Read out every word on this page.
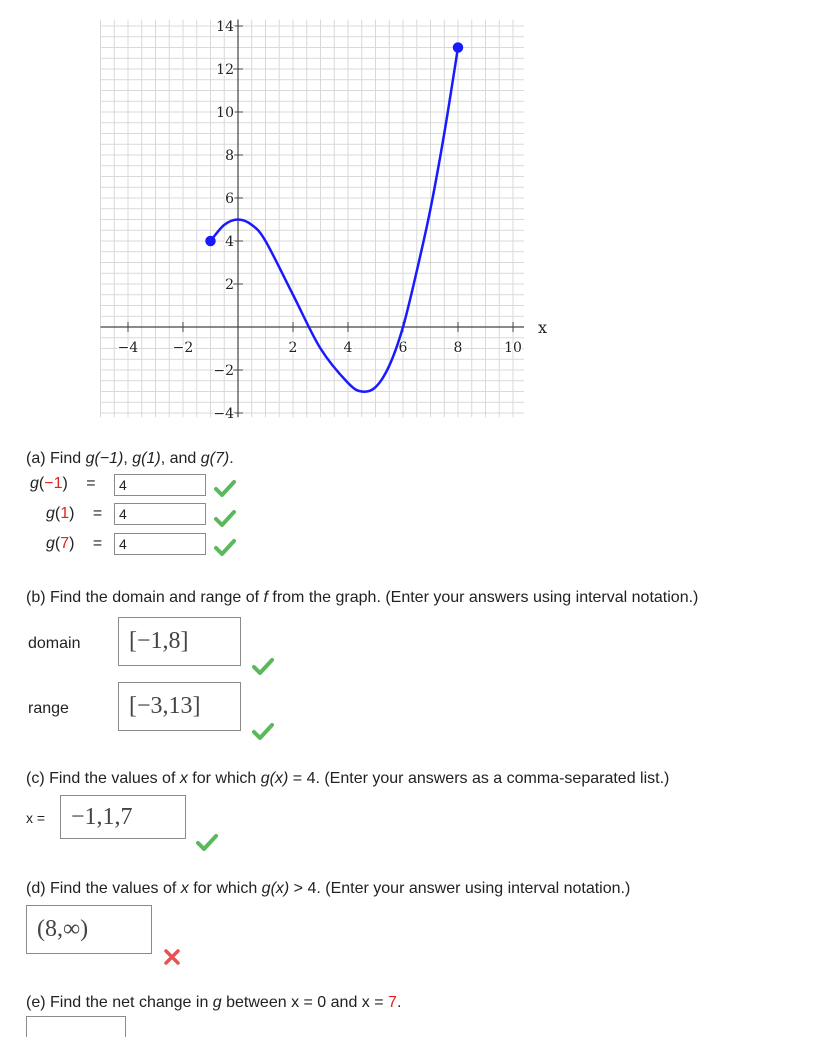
−4 −2	2	4	6	8	10
−4
−2
2
4
6
8
10
12
14
x
(a) Find g(−1), g(1), and g(7).
g(−1) =	4
g(1) =	4
g(7) =	4
(b) Find the domain and range of f from the graph. (Enter your answers using interval notation.)
domain	[−1,8]
range	[−3,13]
(c) Find the values of x for which g(x) = 4. (Enter your answers as a comma-separated list.)
x =	−1,1,7
(d) Find the values of x for which g(x) > 4. (Enter your answer using interval notation.)
(8,∞)
(e) Find the net change in g between x = 0 and x = 7.
